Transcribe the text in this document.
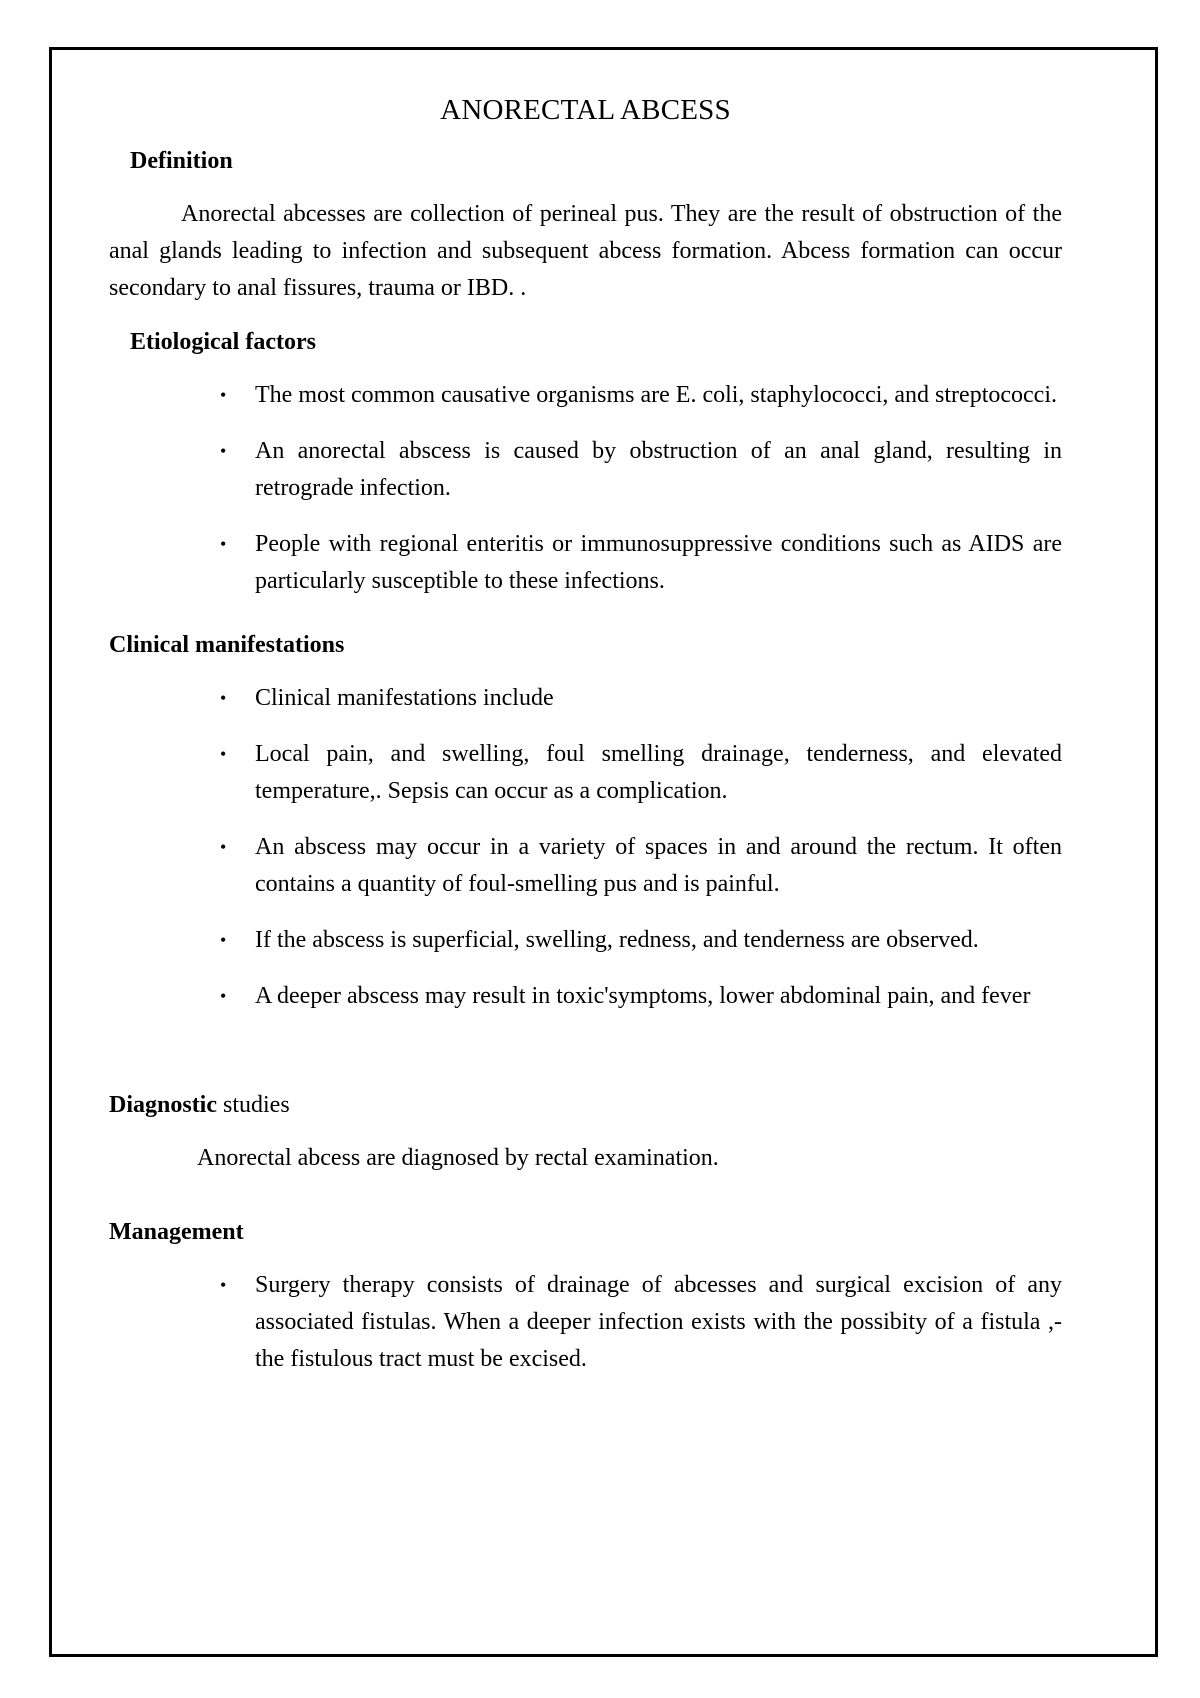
ANORECTAL ABCESS

Definition

Anorectal abcesses are collection of perineal pus. They are the result of obstruction of the anal glands leading to infection and subsequent abcess formation. Abcess formation can occur secondary to anal fissures, trauma or IBD. .

Etiological factors

• The most common causative organisms are E. coli, staphylococci, and streptococci.
• An anorectal abscess is caused by obstruction of an anal gland, resulting in retrograde infection.
• People with regional enteritis or immunosuppressive conditions such as AIDS are particularly susceptible to these infections.

Clinical manifestations

• Clinical manifestations include
• Local pain, and swelling, foul smelling drainage, tenderness, and elevated temperature,. Sepsis can occur as a complication.
• An abscess may occur in a variety of spaces in and around the rectum. It often contains a quantity of foul-smelling pus and is painful.
• If the abscess is superficial, swelling, redness, and tenderness are observed.
• A deeper abscess may result in toxic'symptoms, lower abdominal pain, and fever

Diagnostic studies

Anorectal abcess are diagnosed by rectal examination.

Management

• Surgery therapy consists of drainage of abcesses and surgical excision of any associated fistulas. When a deeper infection exists with the possibity of a fistula ,-the fistulous tract must be excised.
